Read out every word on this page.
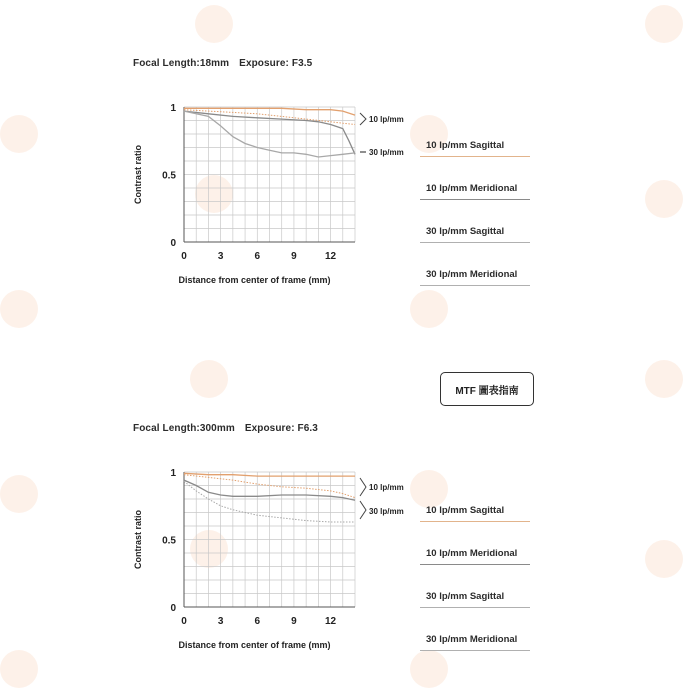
Focal Length:18mm Exposure: F3.5
0	3	6	9	12
0
0.5
1
Distance from center of frame (mm)
Contrast ratio
10 lp/mm
30 lp/mm
10 lp/mm Sagittal
10 lp/mm Meridional
30 lp/mm Sagittal
30 lp/mm Meridional
MTF 圖表指南
Focal Length:300mm Exposure: F6.3
0	3	6	9	12
0
0.5
1
Distance from center of frame (mm)
Contrast ratio
10 lp/mm
30 lp/mm	10 lp/mm Sagittal
10 lp/mm Meridional
30 lp/mm Sagittal
30 lp/mm Meridional
